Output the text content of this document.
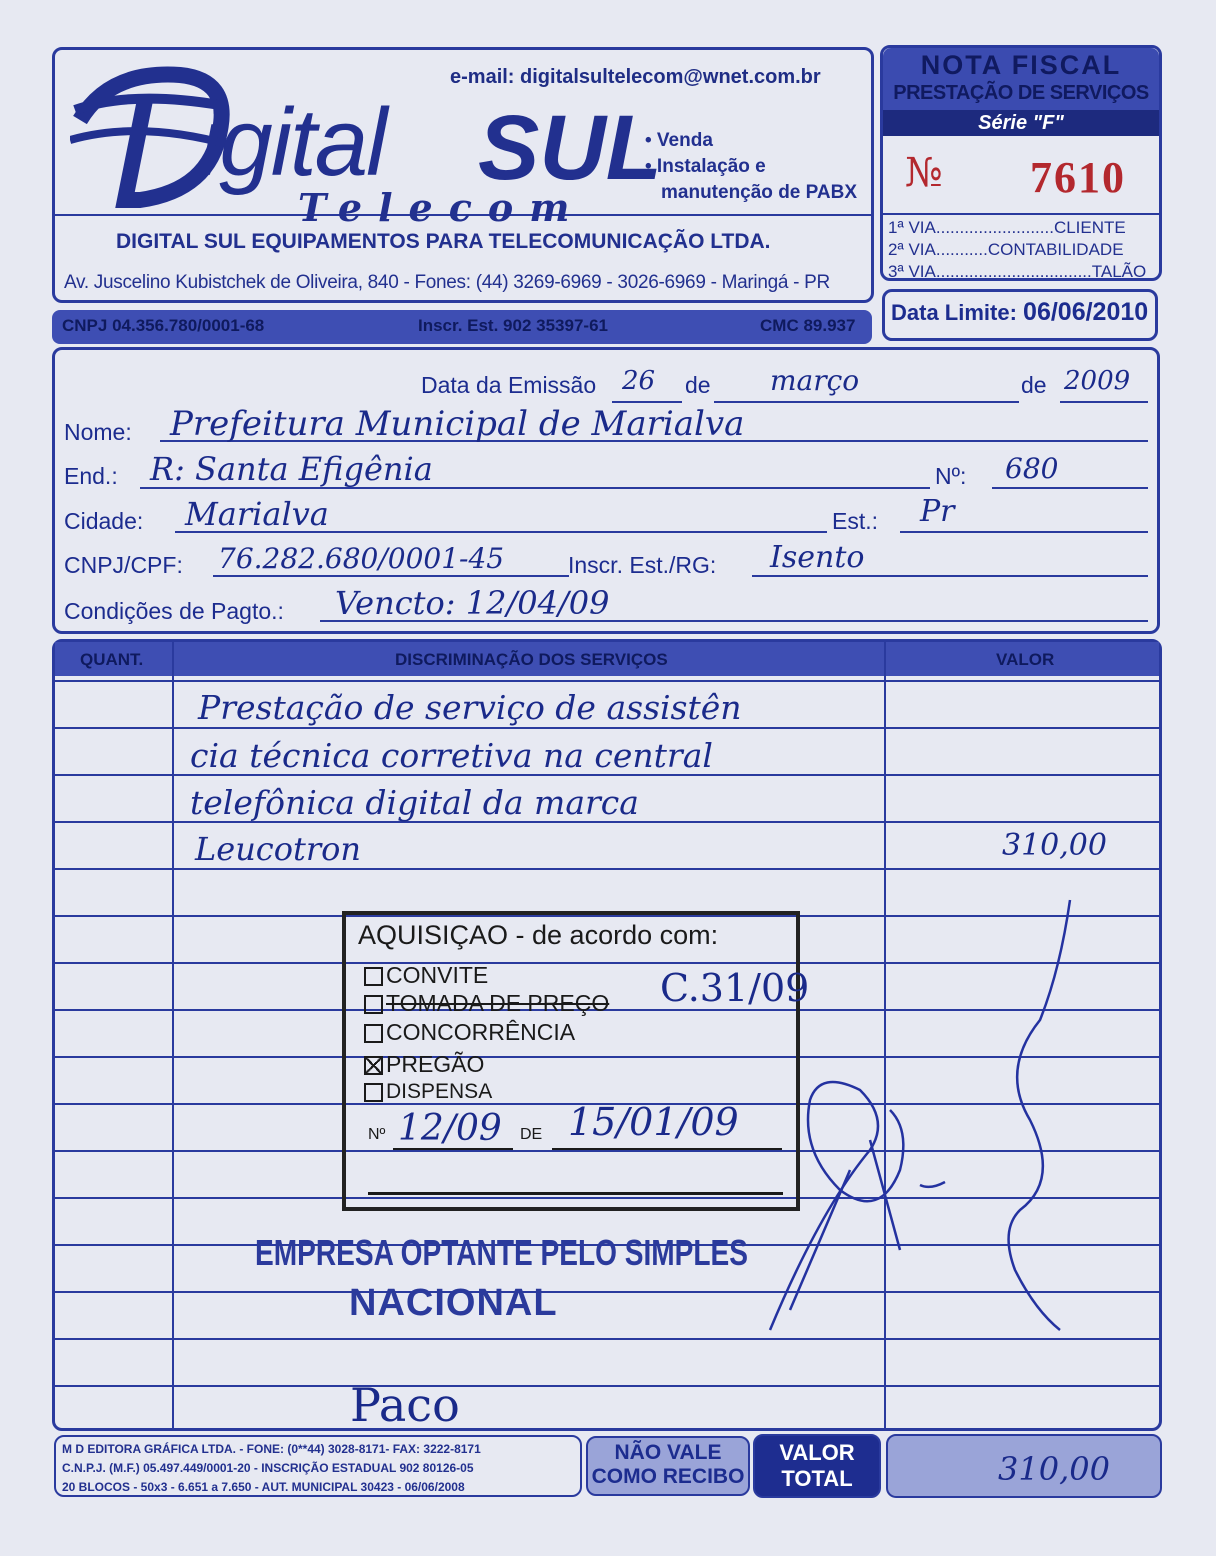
igital SUL
Telecom
e-mail: digitalsultelecom@wnet.com.br
• Venda
• Instalação e
manutenção de PABX
DIGITAL SUL EQUIPAMENTOS PARA TELECOMUNICAÇÃO LTDA.
Av. Juscelino Kubistchek de Oliveira, 840 - Fones: (44) 3269-6969 - 3026-6969 - Maringá - PR
NOTA FISCAL
PRESTAÇÃO DE SERVIÇOS
Série "F"
№ 7610
1ª VIA.........................CLIENTE
2ª VIA...........CONTABILIDADE
3ª VIA.................................TALÃO
CNPJ 04.356.780/0001-68	Inscr. Est. 902 35397-61	CMC 89.937
Data Limite: 06/06/2010
Data da Emissão 26 de março	de 2009
Nome: Prefeitura Municipal de Marialva
End.: R: Santa Efigênia	Nº: 680
Cidade: Marialva	Est.: Pr
CNPJ/CPF: 76.282.680/0001-45	Inscr. Est./RG: Isento
Condições de Pagto.: Vencto: 12/04/09
QUANT.	DISCRIMINAÇÃO DOS SERVIÇOS	VALOR
Prestação de serviço de assistên
cia técnica corretiva na central
telefônica digital da marca
Leucotron	310,00
AQUISIÇAO - de acordo com:
CONVITE
TOMADA DE PREÇO
CONCORRÊNCIA
PREGÃO
DISPENSA
Nº 12/09 DE 15/01/09
C.31/09
EMPRESA OPTANTE PELO SIMPLES
NACIONAL
Paco
M D EDITORA GRÁFICA LTDA. - FONE: (0**44) 3028-8171- FAX: 3222-8171
C.N.P.J. (M.F.) 05.497.449/0001-20 - INSCRIÇÃO ESTADUAL 902 80126-05
20 BLOCOS - 50x3 - 6.651 a 7.650 - AUT. MUNICIPAL 30423 - 06/06/2008
NÃO VALE
COMO RECIBO
VALOR
TOTAL	310,00
